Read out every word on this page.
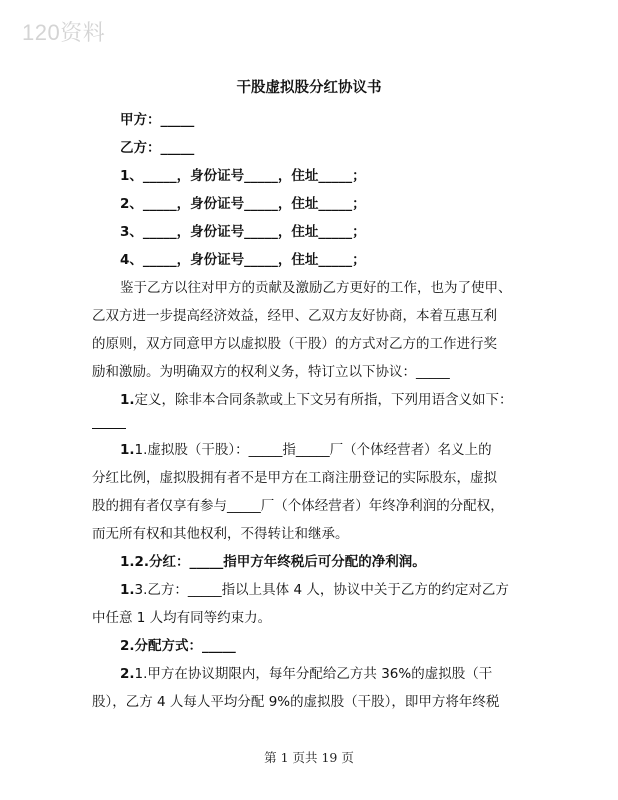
120资料
干股虚拟股分红协议书
甲方：_____
乙方：_____
1、_____，身份证号_____，住址_____；
2、_____，身份证号_____，住址_____；
3、_____，身份证号_____，住址_____；
4、_____，身份证号_____，住址_____；
鉴于乙方以往对甲方的贡献及激励乙方更好的工作，也为了使甲、
乙双方进一步提高经济效益，经甲、乙双方友好协商，本着互惠互利
的原则，双方同意甲方以虚拟股（干股）的方式对乙方的工作进行奖
励和激励。为明确双方的权利义务，特订立以下协议：_____
1.定义，除非本合同条款或上下文另有所指，下列用语含义如下：
1.1.虚拟股（干股）：_____指_____厂（个体经营者）名义上的
分红比例，虚拟股拥有者不是甲方在工商注册登记的实际股东，虚拟
股的拥有者仅享有参与_____厂（个体经营者）年终净利润的分配权，
而无所有权和其他权利，不得转让和继承。
1.2.分红：_____指甲方年终税后可分配的净利润。
1.3.乙方：_____指以上具体 4 人，协议中关于乙方的约定对乙方
中任意 1 人均有同等约束力。
2.分配方式：_____
2.1.甲方在协议期限内，每年分配给乙方共 36%的虚拟股（干
股），乙方 4 人每人平均分配 9%的虚拟股（干股），即甲方将年终税
第 1 页共 19 页
